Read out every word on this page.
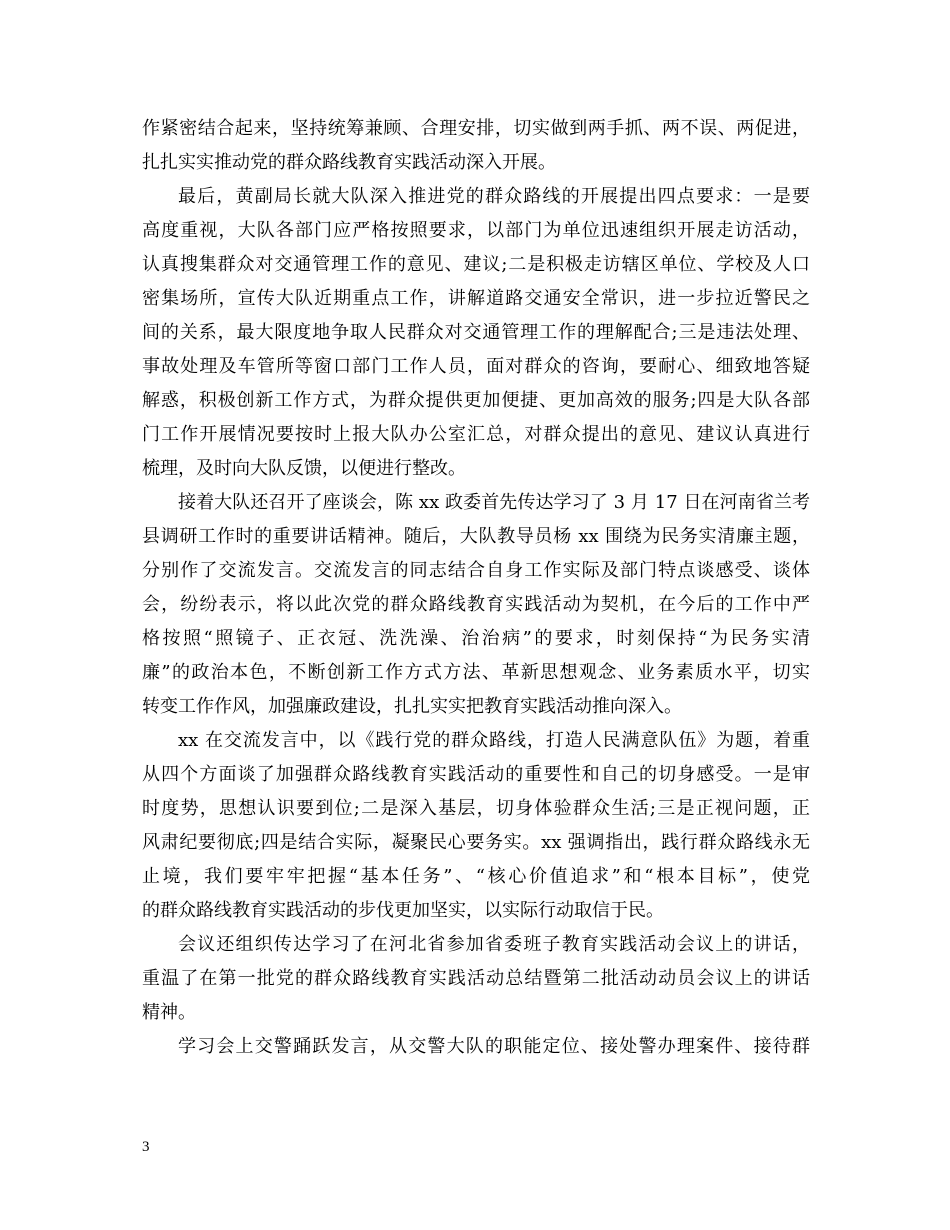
作紧密结合起来，坚持统筹兼顾、合理安排，切实做到两手抓、两不误、两促进，
扎扎实实推动党的群众路线教育实践活动深入开展。
最后，黄副局长就大队深入推进党的群众路线的开展提出四点要求：一是要
高度重视，大队各部门应严格按照要求，以部门为单位迅速组织开展走访活动，
认真搜集群众对交通管理工作的意见、建议;二是积极走访辖区单位、学校及人口
密集场所，宣传大队近期重点工作，讲解道路交通安全常识，进一步拉近警民之
间的关系，最大限度地争取人民群众对交通管理工作的理解配合;三是违法处理、
事故处理及车管所等窗口部门工作人员，面对群众的咨询，要耐心、细致地答疑
解惑，积极创新工作方式，为群众提供更加便捷、更加高效的服务;四是大队各部
门工作开展情况要按时上报大队办公室汇总，对群众提出的意见、建议认真进行
梳理，及时向大队反馈，以便进行整改。
接着大队还召开了座谈会，陈 xx 政委首先传达学习了 3 月 17 日在河南省兰考
县调研工作时的重要讲话精神。随后，大队教导员杨 xx 围绕为民务实清廉主题，
分别作了交流发言。交流发言的同志结合自身工作实际及部门特点谈感受、谈体
会，纷纷表示，将以此次党的群众路线教育实践活动为契机，在今后的工作中严
格按照“照镜子、正衣冠、洗洗澡、治治病”的要求，时刻保持“为民务实清
廉”的政治本色，不断创新工作方式方法、革新思想观念、业务素质水平，切实
转变工作作风，加强廉政建设，扎扎实实把教育实践活动推向深入。
xx 在交流发言中，以《践行党的群众路线，打造人民满意队伍》为题，着重
从四个方面谈了加强群众路线教育实践活动的重要性和自己的切身感受。一是审
时度势，思想认识要到位;二是深入基层，切身体验群众生活;三是正视问题，正
风肃纪要彻底;四是结合实际，凝聚民心要务实。xx 强调指出，践行群众路线永无
止境，我们要牢牢把握“基本任务”、“核心价值追求”和“根本目标”，使党
的群众路线教育实践活动的步伐更加坚实，以实际行动取信于民。
会议还组织传达学习了在河北省参加省委班子教育实践活动会议上的讲话，
重温了在第一批党的群众路线教育实践活动总结暨第二批活动动员会议上的讲话
精神。
学习会上交警踊跃发言，从交警大队的职能定位、接处警办理案件、接待群
3
